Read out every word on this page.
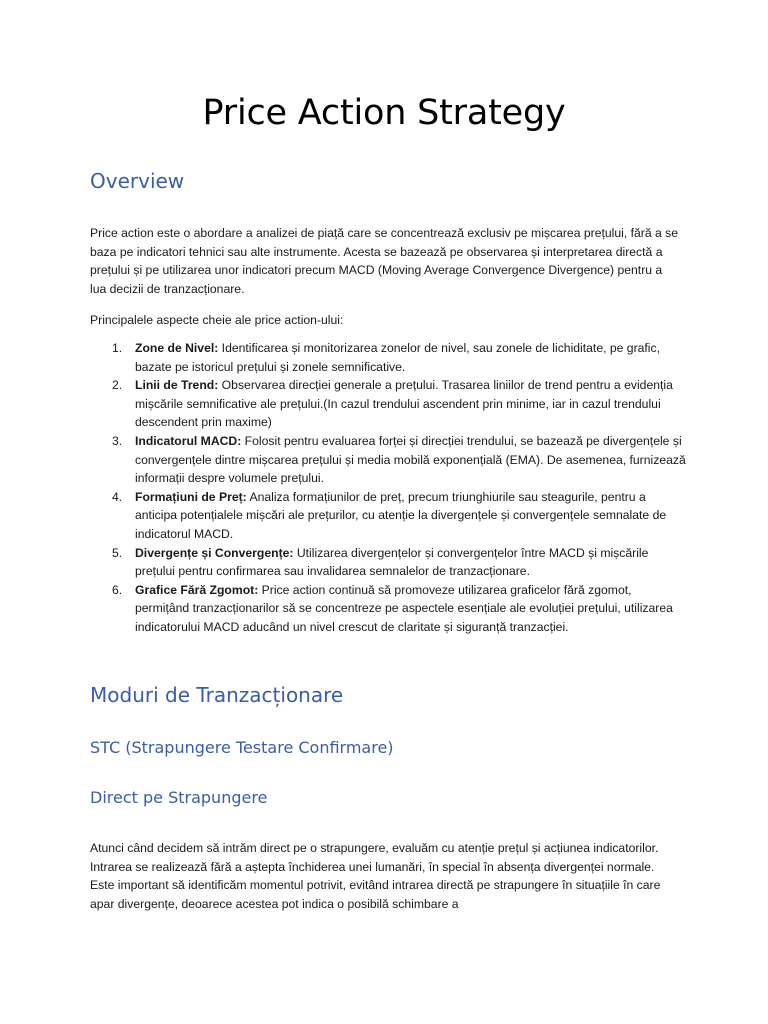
Price Action Strategy
Overview

Price action este o abordare a analizei de piață care se concentrează exclusiv pe mișcarea prețului, fără a se baza pe indicatori tehnici sau alte instrumente. Acesta se bazează pe observarea și interpretarea directă a prețului și pe utilizarea unor indicatori precum MACD (Moving Average Convergence Divergence) pentru a lua decizii de tranzacționare.

Principalele aspecte cheie ale price action-ului:

1. Zone de Nivel: Identificarea și monitorizarea zonelor de nivel, sau zonele de lichiditate, pe grafic, bazate pe istoricul prețului și zonele semnificative.
2. Linii de Trend: Observarea direcției generale a prețului. Trasarea liniilor de trend pentru a evidenția mișcările semnificative ale prețului.(In cazul trendului ascendent prin minime, iar in cazul trendului descendent prin maxime)
3. Indicatorul MACD: Folosit pentru evaluarea forței și direcției trendului, se bazează pe divergențele și convergențele dintre mișcarea prețului și media mobilă exponențială (EMA). De asemenea, furnizează informații despre volumele prețului.
4. Formațiuni de Preț: Analiza formațiunilor de preț, precum triunghiurile sau steagurile, pentru a anticipa potențialele mișcări ale prețurilor, cu atenție la divergențele și convergențele semnalate de indicatorul MACD.
5. Divergențe și Convergențe: Utilizarea divergențelor și convergențelor între MACD și mișcările prețului pentru confirmarea sau invalidarea semnalelor de tranzacționare.
6. Grafice Fără Zgomot: Price action continuă să promoveze utilizarea graficelor fără zgomot, permițând tranzacționarilor să se concentreze pe aspectele esențiale ale evoluției prețului, utilizarea indicatorului MACD aducând un nivel crescut de claritate și siguranță tranzacției.
Moduri de Tranzacționare
STC (Strapungere Testare Confirmare)
Direct pe Strapungere

Atunci când decidem să intrăm direct pe o strapungere, evaluăm cu atenție prețul și acțiunea indicatorilor. Intrarea se realizează fără a aștepta închiderea unei lumanări, în special în absența divergenței normale. Este important să identificăm momentul potrivit, evitând intrarea directă pe strapungere în situațiile în care apar divergențe, deoarece acestea pot indica o posibilă schimbare a
